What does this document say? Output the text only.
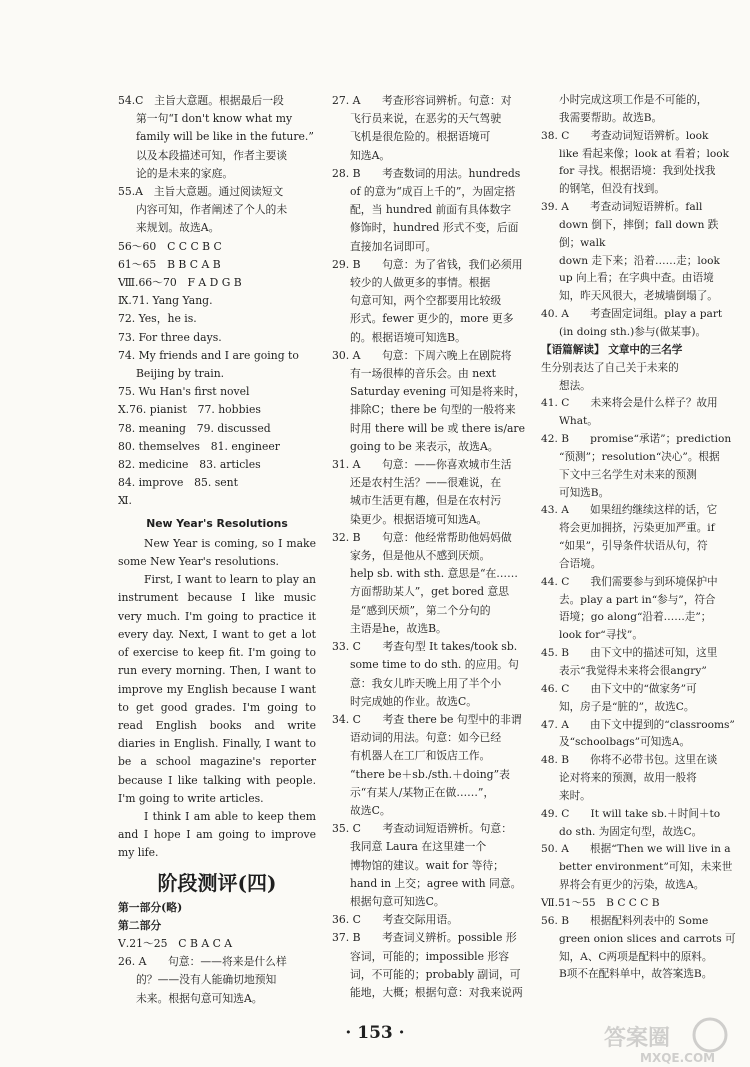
54.C　主旨大意题。根据最后一段

第一句“I don't know what my

family will be like in the future.”

以及本段描述可知，作者主要谈

论的是未来的家庭。

55.A　主旨大意题。通过阅读短文

内容可知，作者阐述了个人的未

来规划。故选A。

56～60　C C C B C

61～65　B B C A B

Ⅷ.66～70　F A D G B

Ⅸ.71. Yang Yang.

72. Yes，he is.

73. For three days.

74. My friends and I are going to

Beijing by train.

75. Wu Han's first novel

Ⅹ.76. pianist　77. hobbies

78. meaning　79. discussed

80. themselves　81. engineer

82. medicine　83. articles

84. improve　85. sent

Ⅺ.

New Year's Resolutions

New Year is coming, so I make some New Year's resolutions.

First, I want to learn to play an instrument because I like music very much. I'm going to practice it every day. Next, I want to get a lot of exercise to keep fit. I'm going to run every morning. Then, I want to improve my English because I want to get good grades. I'm going to read English books and write diaries in English. Finally, I want to be a school magazine's reporter because I like talking with people. I'm going to write articles.

I think I am able to keep them and I hope I am going to improve my life.

阶段测评(四)

第一部分(略)

第二部分

Ⅴ.21～25　C B A C A

26. A　　句意：——将来是什么样

的？——没有人能确切地预知

未来。根据句意可知选A。

27. A　　考查形容词辨析。句意：对

飞行员来说，在恶劣的天气驾驶

飞机是很危险的。根据语境可

知选A。

28. B　　考查数词的用法。hundreds

of 的意为“成百上千的”，为固定搭

配，当 hundred 前面有具体数字

修饰时，hundred 形式不变，后面

直接加名词即可。

29. B　　句意：为了省钱，我们必须用

较少的人做更多的事情。根据

句意可知，两个空都要用比较级

形式。fewer 更少的，more 更多

的。根据语境可知选B。

30. A　　句意：下周六晚上在剧院将

有一场很棒的音乐会。由 next

Saturday evening 可知是将来时，

排除C；there be 句型的一般将来

时用 there will be 或 there is/are

going to be 来表示，故选A。

31. A　　句意：——你喜欢城市生活

还是农村生活？——很难说，在

城市生活更有趣，但是在农村污

染更少。根据语境可知选A。

32. B　　句意：他经常帮助他妈妈做

家务，但是他从不感到厌烦。

help sb. with sth. 意思是“在……

方面帮助某人”，get bored 意思

是“感到厌烦”，第二个分句的

主语是he，故选B。

33. C　　考查句型 It takes/took sb.

some time to do sth. 的应用。句

意：我女儿昨天晚上用了半个小

时完成她的作业。故选C。

34. C　　考查 there be 句型中的非谓

语动词的用法。句意：如今已经

有机器人在工厂和饭店工作。

“there be＋sb./sth.＋doing”表

示“有某人/某物正在做……”，

故选C。

35. C　　考查动词短语辨析。句意：

我同意 Laura 在这里建一个

博物馆的建议。wait for 等待；

hand in 上交；agree with 同意。

根据句意可知选C。

36. C　　考查交际用语。

37. B　　考查词义辨析。possible 形

容词，可能的；impossible 形容

词，不可能的；probably 副词，可

能地，大概；根据句意：对我来说两

小时完成这项工作是不可能的，

我需要帮助。故选B。

38. C　　考查动词短语辨析。look

like 看起来像；look at 看着；look

for 寻找。根据语境：我到处找我

的钢笔，但没有找到。

39. A　　考查动词短语辨析。fall

down 倒下，摔倒；fall down 跌倒；walk

down 走下来；沿着……走；look

up 向上看；在字典中查。由语境

知，昨天风很大，老城墙倒塌了。

40. A　　考查固定词组。play a part

(in doing sth.)参与(做某事)。

【语篇解读】 文章中的三名学

生分别表达了自己关于未来的

想法。

41. C　　未来将会是什么样子？故用

What。

42. B　　promise“承诺”；prediction

“预测”；resolution“决心”。根据

下文中三名学生对未来的预测

可知选B。

43. A　　如果纽约继续这样的话，它

将会更加拥挤，污染更加严重。if

“如果”，引导条件状语从句，符

合语境。

44. C　　我们需要参与到环境保护中

去。play a part in“参与”，符合

语境；go along“沿着……走”；

look for“寻找”。

45. B　　由下文中的描述可知，这里

表示“我觉得未来将会很angry”

46. C　　由下文中的“做家务”可

知，房子是“脏的”，故选C。

47. A　　由下文中提到的“classrooms”

及“schoolbags”可知选A。

48. B　　你将不必带书包。这里在谈

论对将来的预测，故用一般将

来时。

49. C　　It will take sb.＋时间＋to

do sth. 为固定句型，故选C。

50. A　　根据“Then we will live in a

better environment”可知，未来世

界将会有更少的污染，故选A。

Ⅶ.51～55　B C C C B

56. B　　根据配料列表中的 Some

green onion slices and carrots 可

知，A、C两项是配料中的原料。

B项不在配料单中，故答案选B。

· 153 ·	答案圈
MXQE.COM
